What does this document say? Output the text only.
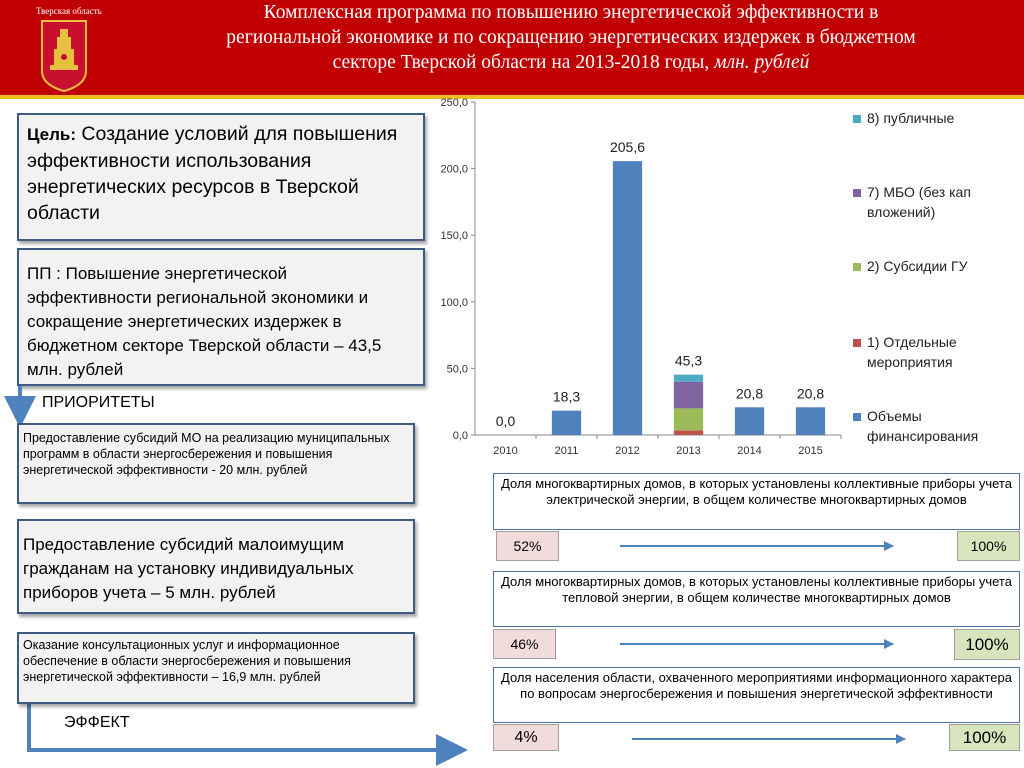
Тверская область	Комплексная программа по повышению энергетической эффективности в
региональной экономике и по сокращению энергетических издержек в бюджетном
секторе Тверской области на 2013-2018 годы, млн. рублей
Цель: Создание условий для повышения эффективности использования энергетических ресурсов в Тверской области
ПП : Повышение энергетической эффективности региональной экономики и сокращение энергетических издержек в бюджетном секторе Тверской области – 43,5 млн. рублей
ПРИОРИТЕТЫ
Предоставление субсидий МО на реализацию муниципальных программ в области энергосбережения и повышения энергетической эффективности - 20 млн. рублей
Предоставление субсидий малоимущим гражданам на установку индивидуальных приборов учета – 5 млн. рублей
Оказание консультационных услуг и информационное обеспечение в области энергосбережения и повышения энергетической эффективности – 16,9 млн. рублей
ЭФФЕКТ
0,0
50,0
100,0
150,0
200,0
250,0
2010
0,0
2011
18,3
2012
205,6
2013
45,3
2014
20,8
2015
20,8
8) публичные
7) МБО (без кап
вложений)
2) Субсидии ГУ
1) Отдельные
мероприятия
Объемы
финансирования
Доля многоквартирных домов, в которых установлены коллективные приборы учета электрической энергии, в общем количестве многоквартирных домов
52%	100%
Доля многоквартирных домов, в которых установлены коллективные приборы учета тепловой энергии, в общем количестве многоквартирных домов
46%	100%
Доля населения области, охваченного мероприятиями информационного характера по вопросам энергосбережения и повышения энергетической эффективности
4%	100%
